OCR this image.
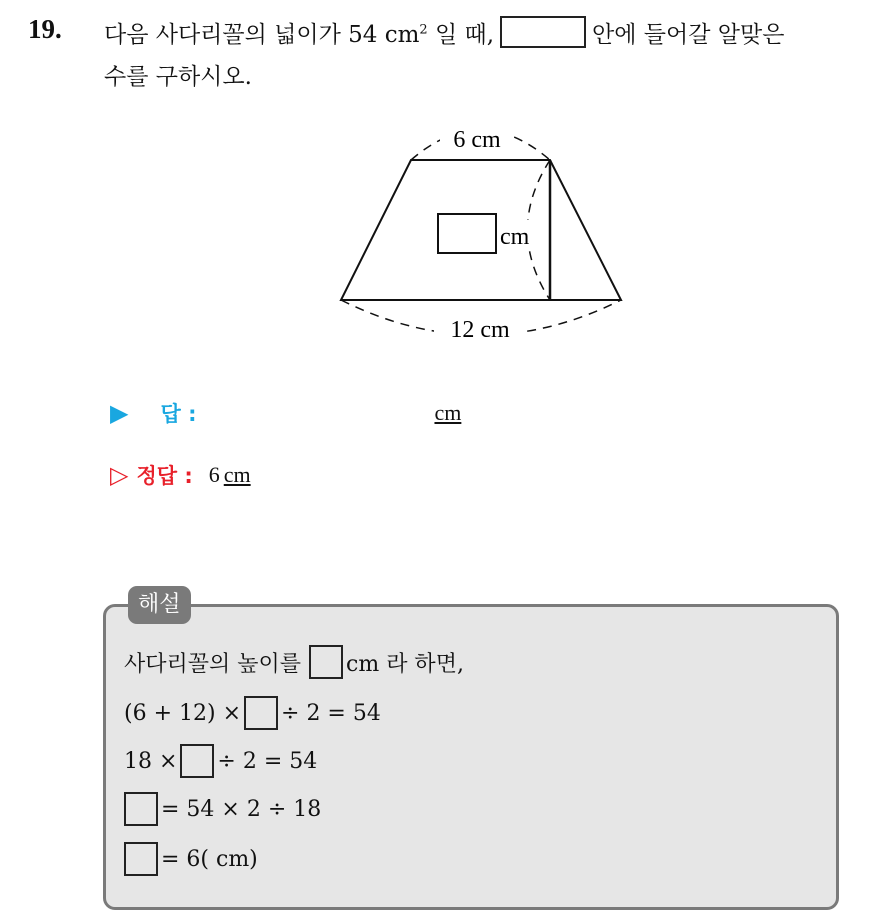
19. 다음 사다리꼴의 넓이가 54 $cm^2$ 일 때,	안에 들어갈 알맞은
수를 구하시오.
6 cm
cm
12 cm
▶ 답 :	cm
▷ 정답 : 6 cm
해설
사다리꼴의 높이를 cm 라 하면,
(6 + 12) × ÷ 2 = 54
18 × ÷ 2 = 54
= 54 × 2 ÷ 18
= 6( cm)
